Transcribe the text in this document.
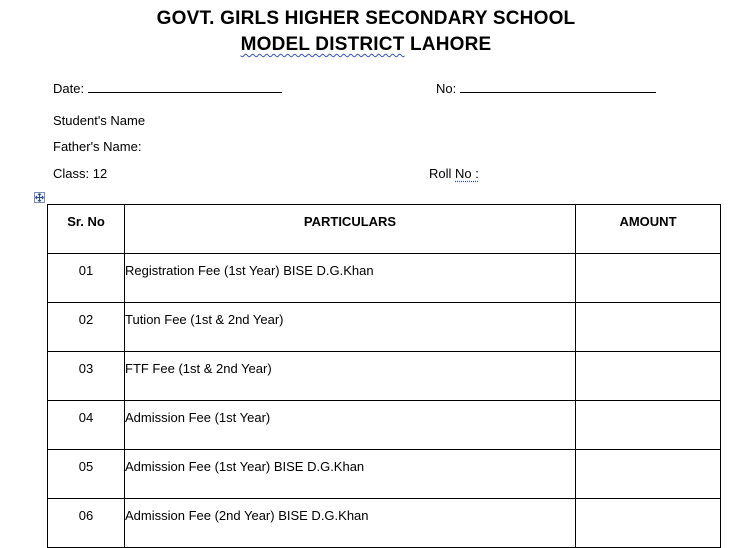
GOVT. GIRLS HIGHER SECONDARY SCHOOL
MODEL DISTRICT LAHORE
Date:	No:
Student's Name
Father's Name:
Class: 12	Roll No :
Sr. No	PARTICULARS	AMOUNT
01	Registration Fee (1st Year) BISE D.G.Khan	
02	Tution Fee (1st & 2nd Year)	
03	FTF Fee (1st & 2nd Year)	
04	Admission Fee (1st Year)	
05	Admission Fee (1st Year) BISE D.G.Khan	
06	Admission Fee (2nd Year) BISE D.G.Khan	
